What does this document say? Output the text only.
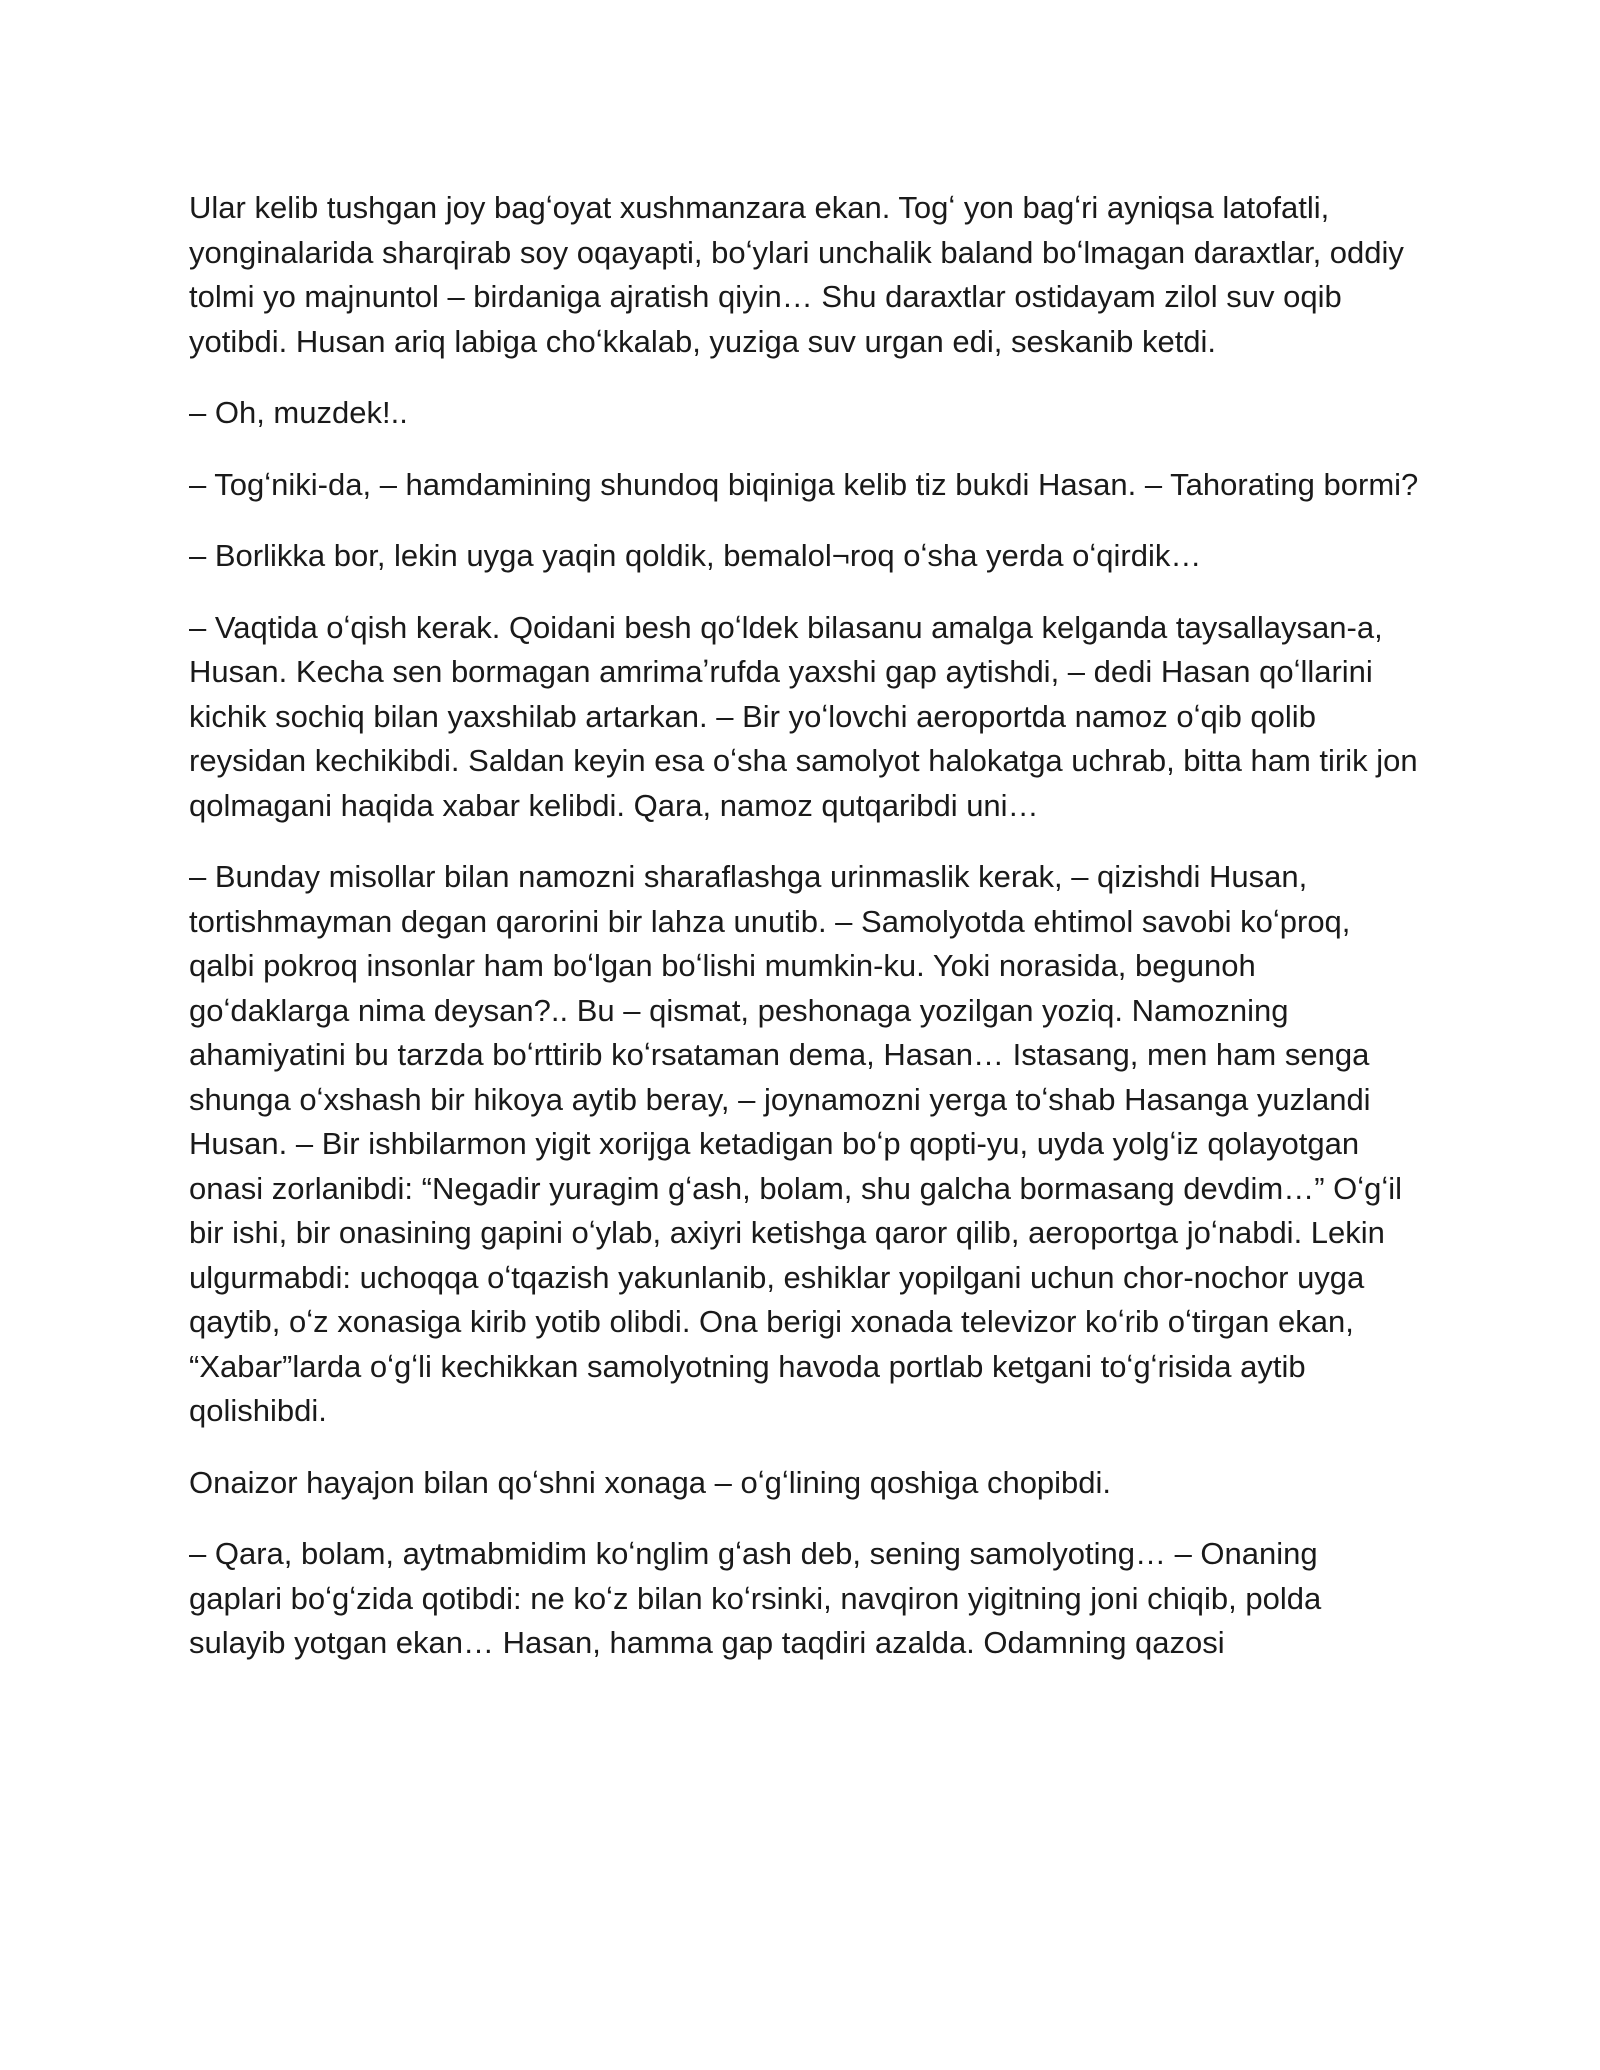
Ular kelib tushgan joy bagʻoyat xushmanzara ekan. Togʻ yon bagʻri ayniqsa latofatli, yonginalarida sharqirab soy oqayapti, boʻylari unchalik baland boʻlmagan daraxtlar, oddiy tolmi yo majnuntol – birdaniga ajratish qiyin… Shu daraxtlar ostidayam zilol suv oqib yotibdi. Husan ariq labiga choʻkkalab, yuziga suv urgan edi, seskanib ketdi.

– Oh, muzdek!..

– Togʻniki-da, – hamdamining shundoq biqiniga kelib tiz bukdi Hasan. – Tahorating bormi?

– Borlikka bor, lekin uyga yaqin qoldik, bemalol¬roq oʻsha yerda oʻqirdik…

– Vaqtida oʻqish kerak. Qoidani besh qoʻldek bilasanu amalga kelganda taysallaysan-a, Husan. Kecha sen bormagan amrimaʼrufda yaxshi gap aytishdi, – dedi Hasan qoʻllarini kichik sochiq bilan yaxshilab artarkan. – Bir yoʻlovchi aeroportda namoz oʻqib qolib reysidan kechikibdi. Saldan keyin esa oʻsha samolyot halokatga uchrab, bitta ham tirik jon qolmagani haqida xabar kelibdi. Qara, namoz qutqaribdi uni…

– Bunday misollar bilan namozni sharaflashga urinmaslik kerak, – qizishdi Husan, tortishmayman degan qarorini bir lahza unutib. – Samolyotda ehtimol savobi koʻproq, qalbi pokroq insonlar ham boʻlgan boʻlishi mumkin-ku. Yoki norasida, begunoh goʻdaklarga nima deysan?.. Bu – qismat, peshonaga yozilgan yoziq. Namozning ahamiyatini bu tarzda boʻrttirib koʻrsataman dema, Hasan… Istasang, men ham senga shunga oʻxshash bir hikoya aytib beray, – joynamozni yerga toʻshab Hasanga yuzlandi Husan. – Bir ishbilarmon yigit xorijga ketadigan boʻp qopti-yu, uyda yolgʻiz qolayotgan onasi zorlanibdi: “Negadir yuragim gʻash, bolam, shu galcha bormasang devdim…” Oʻgʻil bir ishi, bir onasining gapini oʻylab, axiyri ketishga qaror qilib, aeroportga joʻnabdi. Lekin ulgurmabdi: uchoqqa oʻtqazish yakunlanib, eshiklar yopilgani uchun chor-nochor uyga qaytib, oʻz xonasiga kirib yotib olibdi. Ona berigi xonada televizor koʻrib oʻtirgan ekan, “Xabar”larda oʻgʻli kechikkan samolyotning havoda portlab ketgani toʻgʻrisida aytib qolishibdi.

Onaizor hayajon bilan qoʻshni xonaga – oʻgʻlining qoshiga chopibdi.

– Qara, bolam, aytmabmidim koʻnglim gʻash deb, sening samolyoting… – Onaning gaplari boʻgʻzida qotibdi: ne koʻz bilan koʻrsinki, navqiron yigitning joni chiqib, polda sulayib yotgan ekan… Hasan, hamma gap taqdiri azalda. Odamning qazosi
